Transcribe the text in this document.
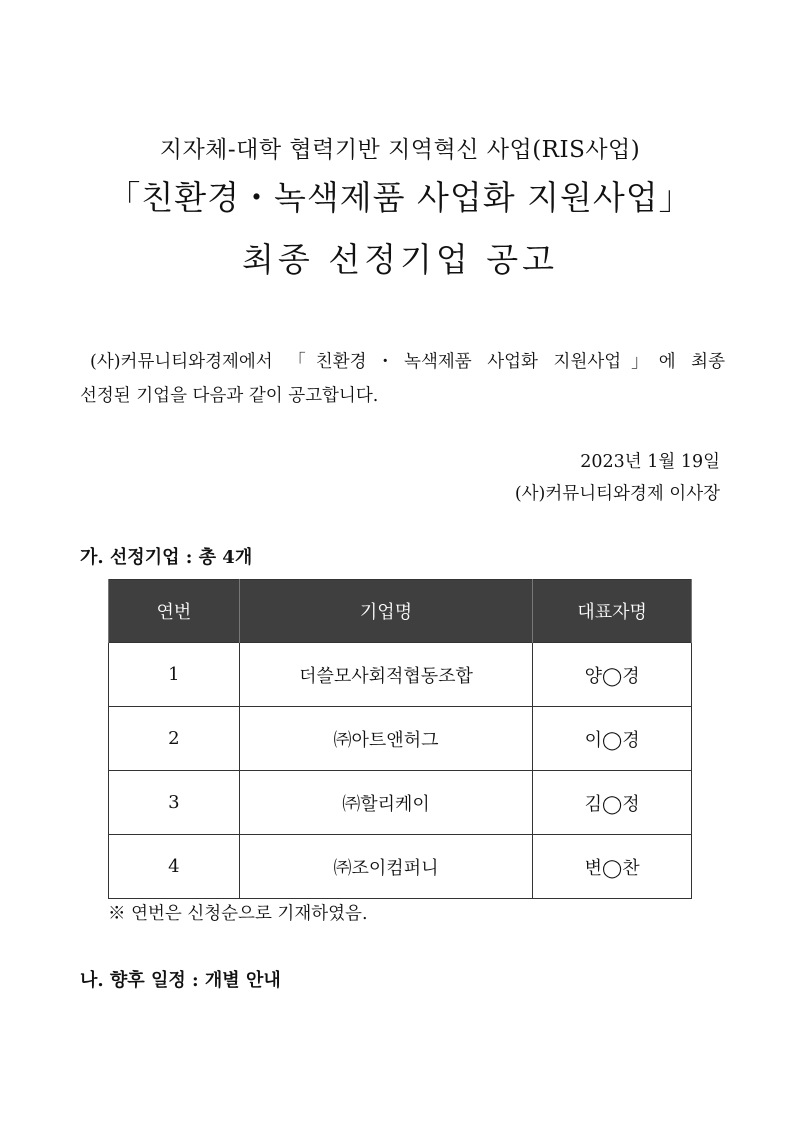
지자체-대학 협력기반 지역혁신 사업(RIS사업)
「친환경・녹색제품 사업화 지원사업」
최종 선정기업 공고
(사)커뮤니티와경제에서 「친환경・녹색제품 사업화 지원사업」에 최종
선정된 기업을 다음과 같이 공고합니다.
2023년 1월 19일
(사)커뮤니티와경제 이사장
가. 선정기업 : 총 4개
연번	기업명	대표자명
1	더쓸모사회적협동조합	양◯경
2	㈜아트앤허그	이◯경
3	㈜할리케이	김◯정
4	㈜조이컴퍼니	변◯찬
※ 연번은 신청순으로 기재하였음.
나. 향후 일정 : 개별 안내
